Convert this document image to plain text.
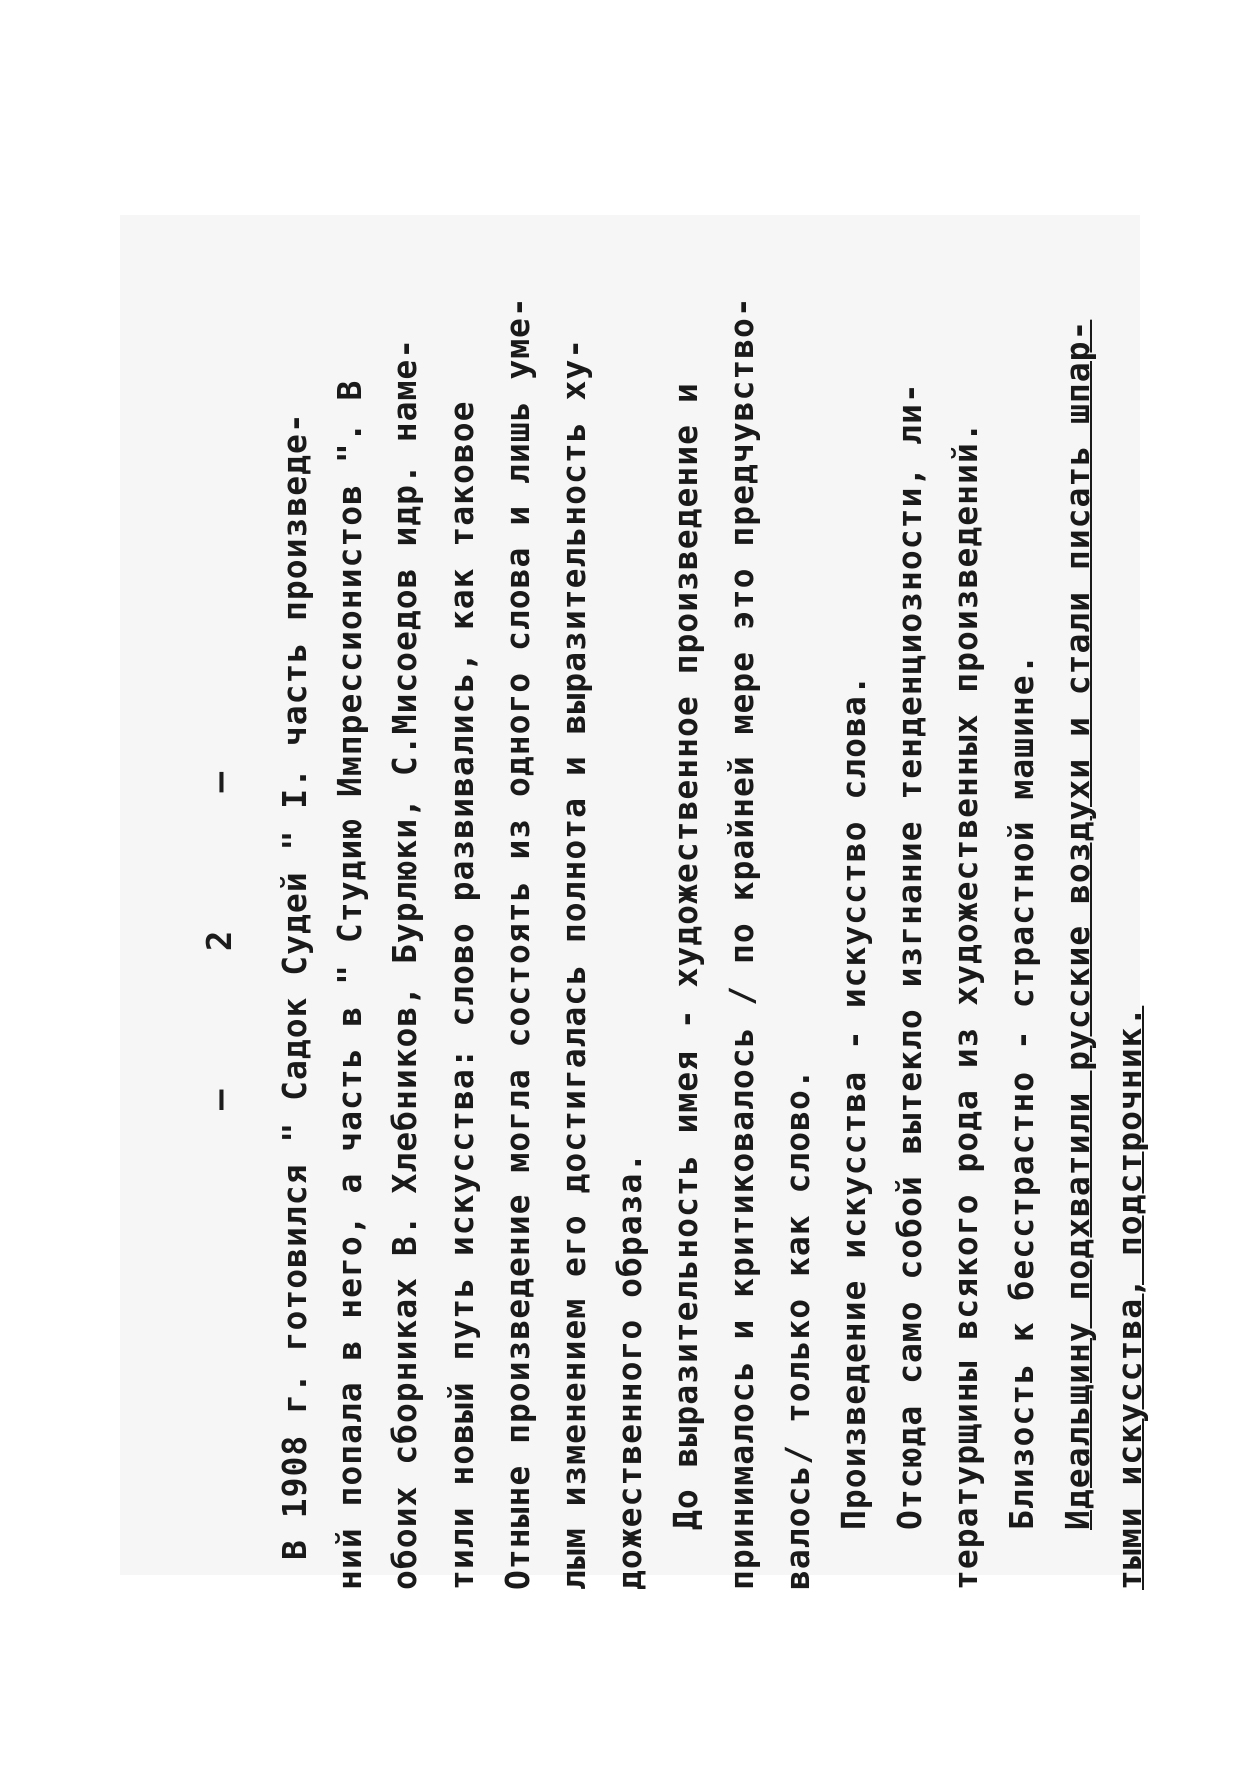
–     2     – В 1908 г. готовился " Садок Судей " I. часть произведе- ний попала в него, а часть в " Студию Импрессионистов ". В обоих сборниках В. Хлебников, Бурлюки, С.Мисоедов идр. наме- тили новый путь искусства: слово развивались, как таковое Отныне произведение могла состоять из одного слова и лишь уме- лым изменением его достигалась полнота и выразительность ху- дожественного образа. До выразительность имея - художественное произведение и принималось и критиковалось / по крайней мере это предчувство- валось/ только как слово. Произведение искусства - искусство слова. Отсюда само собой вытекло изгнание тенденциозности, ли- тературщины всякого рода из художественных произведений. Близость к бесстрастно - страстной машине. Идеальщину подхватили русские воздухи и стали писать шпар- тыми искусства, подстрочник.
